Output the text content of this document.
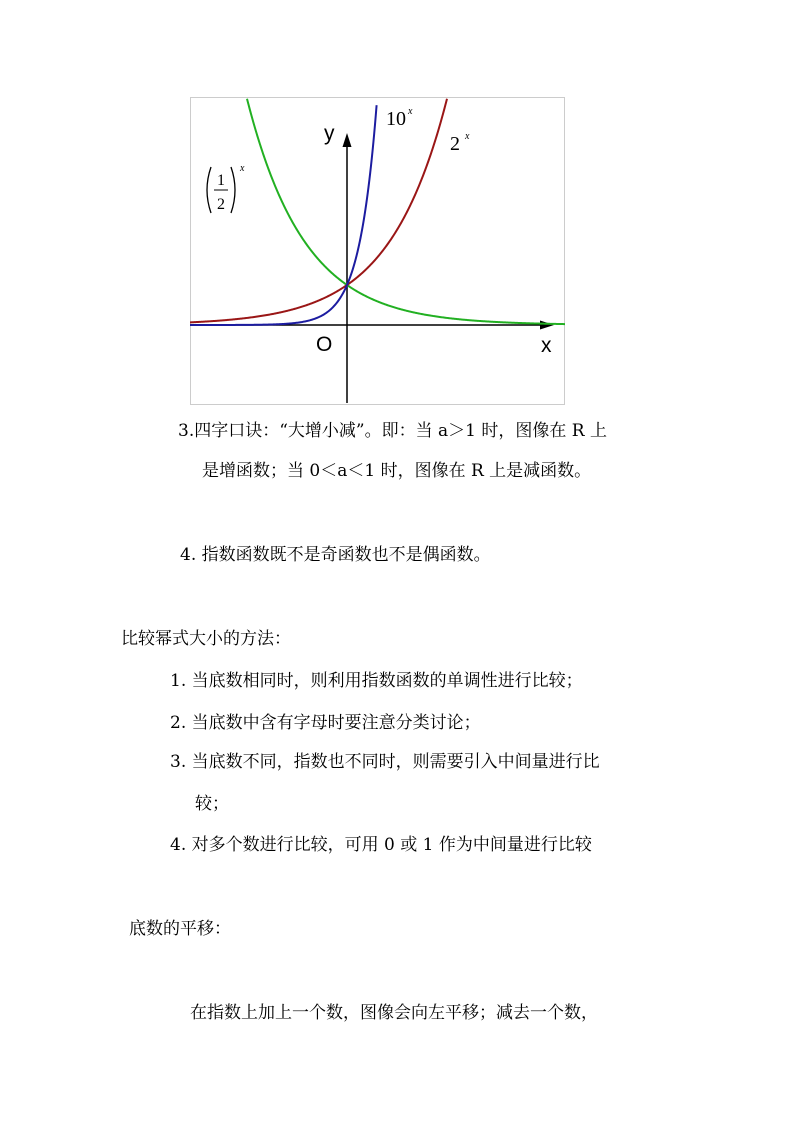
y
x
O
10 x
2 x
1
2
x
3.四字口诀：“大增小减”。即：当 a＞1 时，图像在 R 上
是增函数；当 0＜a＜1 时，图像在 R 上是减函数。
4. 指数函数既不是奇函数也不是偶函数。
比较幂式大小的方法：
1. 当底数相同时，则利用指数函数的单调性进行比较；
2. 当底数中含有字母时要注意分类讨论；
3. 当底数不同，指数也不同时，则需要引入中间量进行比
较；
4. 对多个数进行比较，可用 0 或 1 作为中间量进行比较
底数的平移：
在指数上加上一个数，图像会向左平移；减去一个数，
